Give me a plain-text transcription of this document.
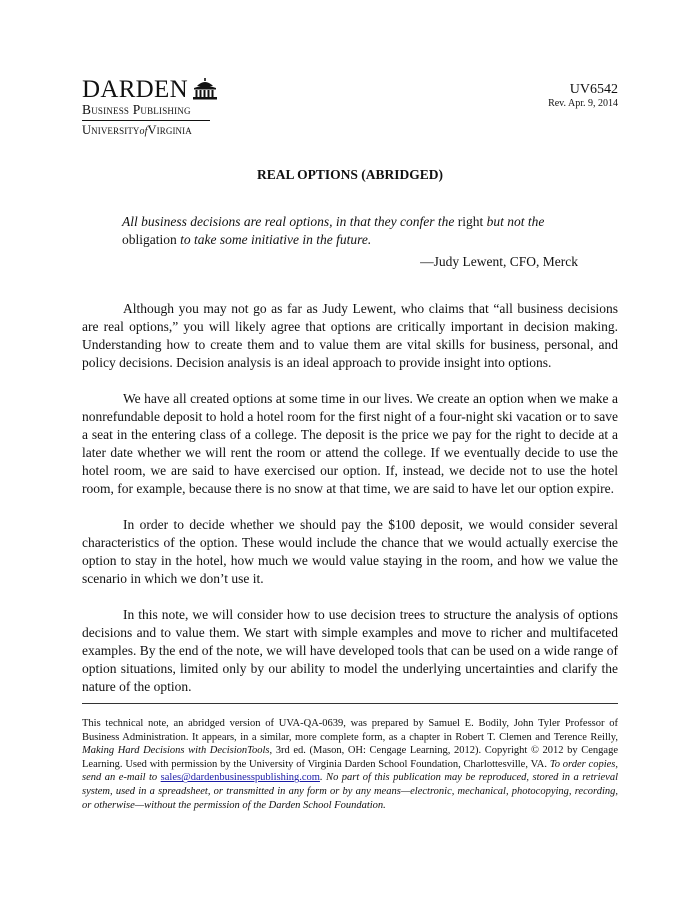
DARDEN
Business Publishing
UniversityofVirginia
UV6542
Rev. Apr. 9, 2014
REAL OPTIONS (ABRIDGED)
All business decisions are real options, in that they confer the right but not the obligation to take some initiative in the future.
—Judy Lewent, CFO, Merck

Although you may not go as far as Judy Lewent, who claims that “all business decisions are real options,” you will likely agree that options are critically important in decision making. Understanding how to create them and to value them are vital skills for business, personal, and policy decisions. Decision analysis is an ideal approach to provide insight into options.

We have all created options at some time in our lives. We create an option when we make a nonrefundable deposit to hold a hotel room for the first night of a four-night ski vacation or to save a seat in the entering class of a college. The deposit is the price we pay for the right to decide at a later date whether we will rent the room or attend the college. If we eventually decide to use the hotel room, we are said to have exercised our option. If, instead, we decide not to use the hotel room, for example, because there is no snow at that time, we are said to have let our option expire.

In order to decide whether we should pay the $100 deposit, we would consider several characteristics of the option. These would include the chance that we would actually exercise the option to stay in the hotel, how much we would value staying in the room, and how we value the scenario in which we don’t use it.

In this note, we will consider how to use decision trees to structure the analysis of options decisions and to value them. We start with simple examples and move to richer and multifaceted examples. By the end of the note, we will have developed tools that can be used on a wide range of option situations, limited only by our ability to model the underlying uncertainties and clarify the nature of the option.

This technical note, an abridged version of UVA-QA-0639, was prepared by Samuel E. Bodily, John Tyler Professor of Business Administration. It appears, in a similar, more complete form, as a chapter in Robert T. Clemen and Terence Reilly, Making Hard Decisions with DecisionTools, 3rd ed. (Mason, OH: Cengage Learning, 2012). Copyright © 2012 by Cengage Learning. Used with permission by the University of Virginia Darden School Foundation, Charlottesville, VA. To order copies, send an e-mail to sales@dardenbusinesspublishing.com. No part of this publication may be reproduced, stored in a retrieval system, used in a spreadsheet, or transmitted in any form or by any means—electronic, mechanical, photocopying, recording, or otherwise—without the permission of the Darden School Foundation.
